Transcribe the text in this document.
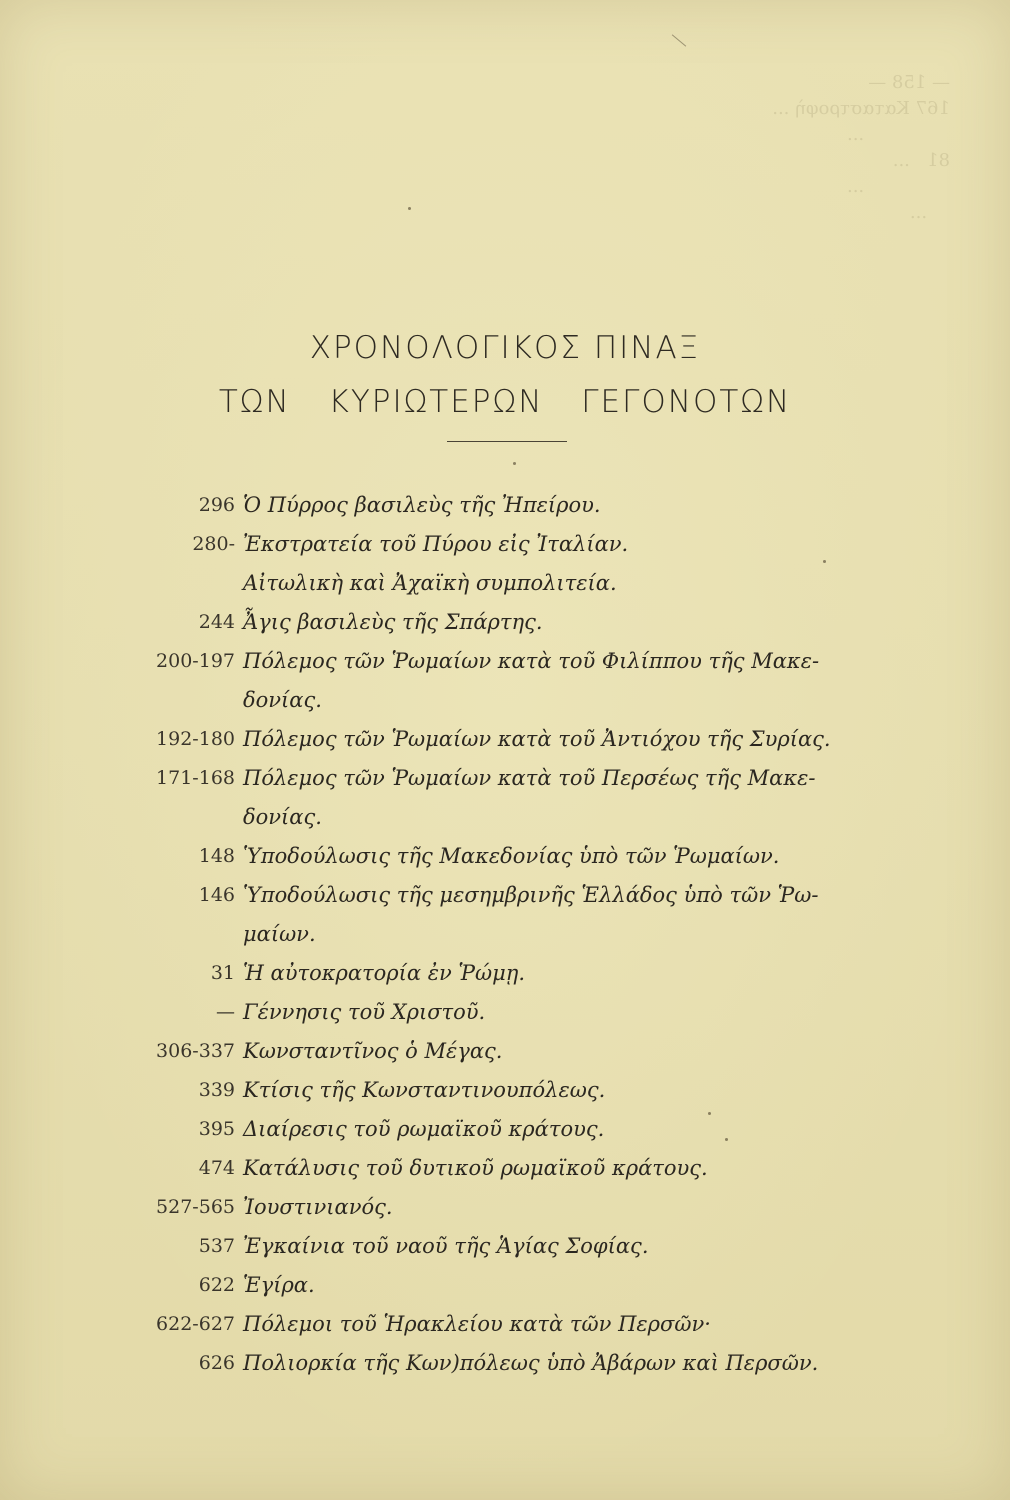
— 158 —
167 Καταστροφὴ ...
...
81   ...
...
...
ΧΡΟΝΟΛΟΓΙΚΟΣ ΠΙΝΑΞ
ΤΩΝ ΚΥΡΙΩΤΕΡΩΝ ΓΕΓΟΝΟΤΩΝ
296 Ὁ Πύρρος βασιλεὺς τῆς Ἠπείρου.
280- Ἐκστρατεία τοῦ Πύρου εἰς Ἰταλίαν.
Αἰτωλικὴ καὶ Ἀχαϊκὴ συμπολιτεία.
244 Ἆγις βασιλεὺς τῆς Σπάρτης.
200-197 Πόλεμος τῶν Ῥωμαίων κατὰ τοῦ Φιλίππου τῆς Μακε-
δονίας.
192-180 Πόλεμος τῶν Ῥωμαίων κατὰ τοῦ Ἀντιόχου τῆς Συρίας.
171-168 Πόλεμος τῶν Ῥωμαίων κατὰ τοῦ Περσέως τῆς Μακε-
δονίας.
148 Ὑποδούλωσις τῆς Μακεδονίας ὑπὸ τῶν Ῥωμαίων.
146 Ὑποδούλωσις τῆς μεσημβρινῆς Ἑλλάδος ὑπὸ τῶν Ῥω-
μαίων.
31 Ἡ αὐτοκρατορία ἐν Ῥώμῃ.
— Γέννησις τοῦ Χριστοῦ.
306-337 Κωνσταντῖνος ὁ Μέγας.
339 Κτίσις τῆς Κωνσταντινουπόλεως.
395 Διαίρεσις τοῦ ρωμαϊκοῦ κράτους.
474 Κατάλυσις τοῦ δυτικοῦ ρωμαϊκοῦ κράτους.
527-565 Ἰουστινιανός.
537 Ἐγκαίνια τοῦ ναοῦ τῆς Ἁγίας Σοφίας.
622 Ἑγίρα.
622-627 Πόλεμοι τοῦ Ἡρακλείου κατὰ τῶν Περσῶν·
626 Πολιορκία τῆς Κων)πόλεως ὑπὸ Ἀβάρων καὶ Περσῶν.
